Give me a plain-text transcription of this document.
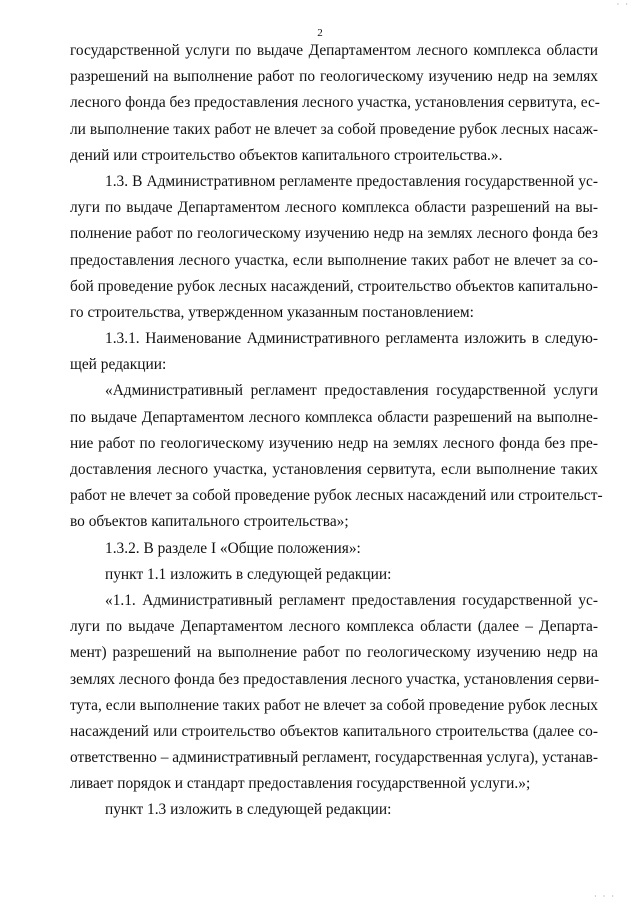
· ·
2
государственной услуги по выдаче Департаментом лесного комплекса области
разрешений на выполнение работ по геологическому изучению недр на землях
лесного фонда без предоставления лесного участка, установления сервитута, ес-
ли выполнение таких работ не влечет за собой проведение рубок лесных насаж-
дений или строительство объектов капитального строительства.».
1.3. В Административном регламенте предоставления государственной ус-
луги по выдаче Департаментом лесного комплекса области разрешений на вы-
полнение работ по геологическому изучению недр на землях лесного фонда без
предоставления лесного участка, если выполнение таких работ не влечет за со-
бой проведение рубок лесных насаждений, строительство объектов капитально-
го строительства, утвержденном указанным постановлением:
1.3.1. Наименование Административного регламента изложить в следую-
щей редакции:
«Административный регламент предоставления государственной услуги
по выдаче Департаментом лесного комплекса области разрешений на выполне-
ние работ по геологическому изучению недр на землях лесного фонда без пре-
доставления лесного участка, установления сервитута, если выполнение таких
работ не влечет за собой проведение рубок лесных насаждений или строительст-
во объектов капитального строительства»;
1.3.2. В разделе I «Общие положения»:
пункт 1.1 изложить в следующей редакции:
«1.1. Административный регламент предоставления государственной ус-
луги по выдаче Департаментом лесного комплекса области (далее – Департа-
мент) разрешений на выполнение работ по геологическому изучению недр на
землях лесного фонда без предоставления лесного участка, установления серви-
тута, если выполнение таких работ не влечет за собой проведение рубок лесных
насаждений или строительство объектов капитального строительства (далее со-
ответственно – административный регламент, государственная услуга), устанав-
ливает порядок и стандарт предоставления государственной услуги.»;
пункт 1.3 изложить в следующей редакции:
· · ·
